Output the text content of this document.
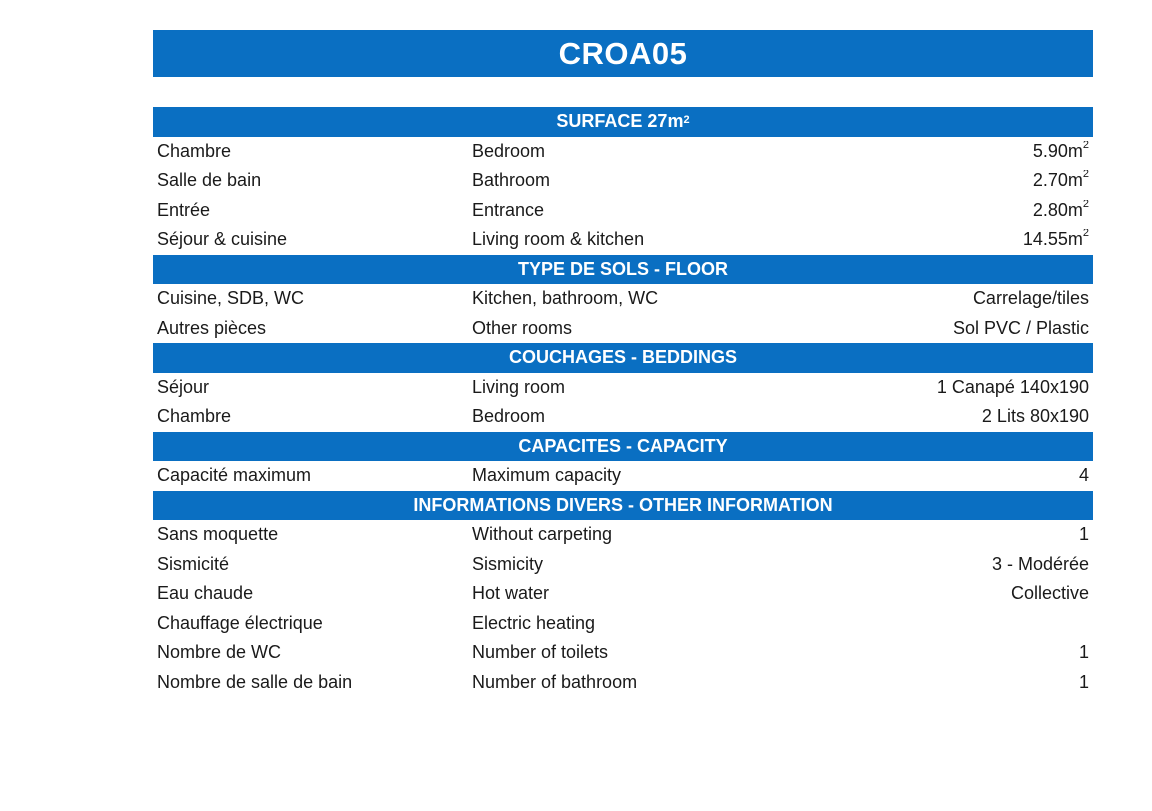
CROA05
SURFACE $27m^2$
Chambre	Bedroom	$5.90m^2$
Salle de bain	Bathroom	$2.70m^2$
Entrée	Entrance	$2.80m^2$
Séjour & cuisine	Living room & kitchen	$14.55m^2$
TYPE DE SOLS - FLOOR
Cuisine, SDB, WC	Kitchen, bathroom, WC	Carrelage/tiles
Autres pièces	Other rooms	Sol PVC / Plastic
COUCHAGES - BEDDINGS
Séjour	Living room	1 Canapé 140x190
Chambre	Bedroom	2 Lits 80x190
CAPACITES - CAPACITY
Capacité maximum	Maximum capacity	4
INFORMATIONS DIVERS - OTHER INFORMATION
Sans moquette	Without carpeting	1
Sismicité	Sismicity	3 - Modérée
Eau chaude	Hot water	Collective
Chauffage électrique	Electric heating
Nombre de WC	Number of toilets	1
Nombre de salle de bain	Number of bathroom	1
